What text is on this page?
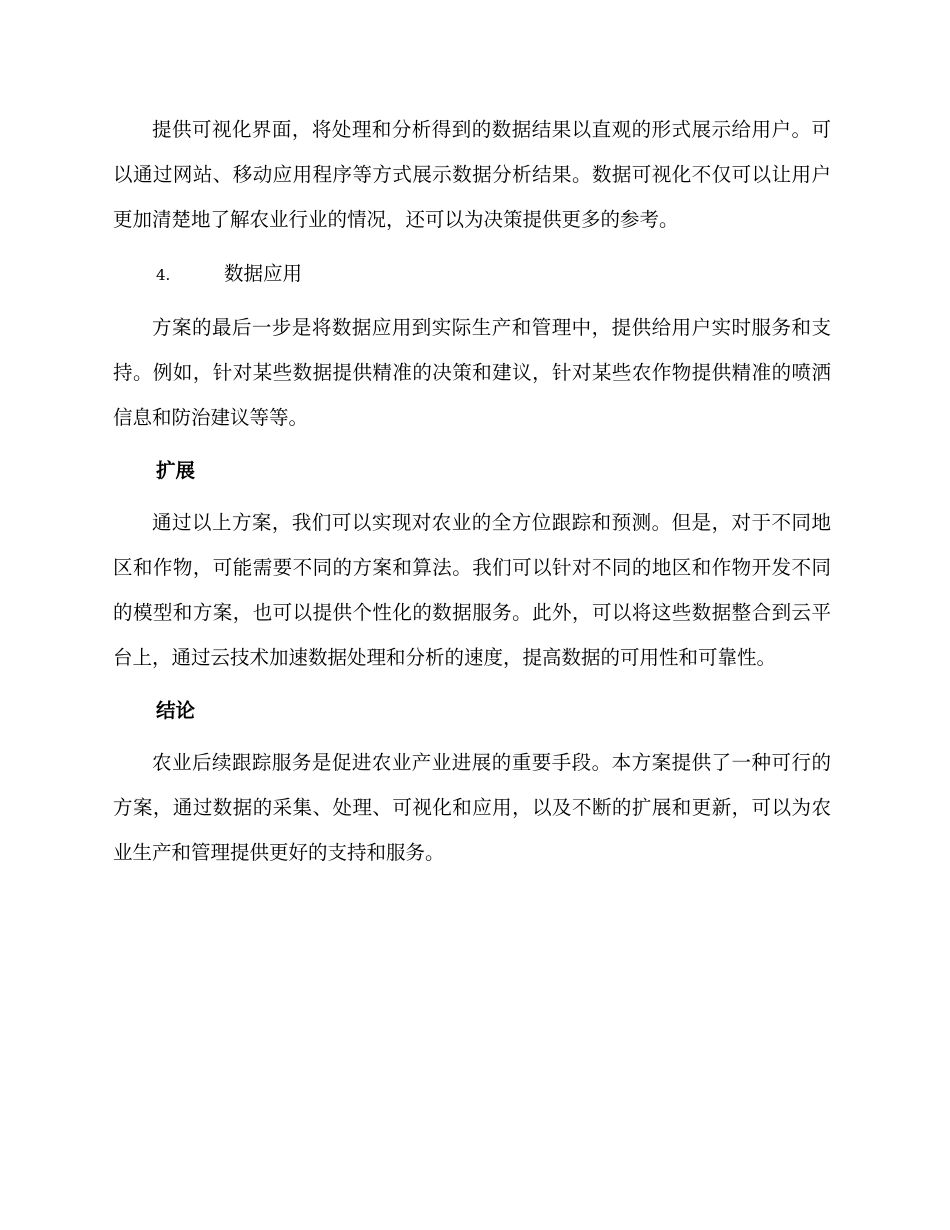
提供可视化界面，将处理和分析得到的数据结果以直观的形式展示给用户。可以通过网站、移动应用程序等方式展示数据分析结果。数据可视化不仅可以让用户更加清楚地了解农业行业的情况，还可以为决策提供更多的参考。

4.	数据应用

方案的最后一步是将数据应用到实际生产和管理中，提供给用户实时服务和支持。例如，针对某些数据提供精准的决策和建议，针对某些农作物提供精准的喷洒信息和防治建议等等。

扩展

通过以上方案，我们可以实现对农业的全方位跟踪和预测。但是，对于不同地区和作物，可能需要不同的方案和算法。我们可以针对不同的地区和作物开发不同的模型和方案，也可以提供个性化的数据服务。此外，可以将这些数据整合到云平台上，通过云技术加速数据处理和分析的速度，提高数据的可用性和可靠性。

结论

农业后续跟踪服务是促进农业产业进展的重要手段。本方案提供了一种可行的方案，通过数据的采集、处理、可视化和应用，以及不断的扩展和更新，可以为农业生产和管理提供更好的支持和服务。
